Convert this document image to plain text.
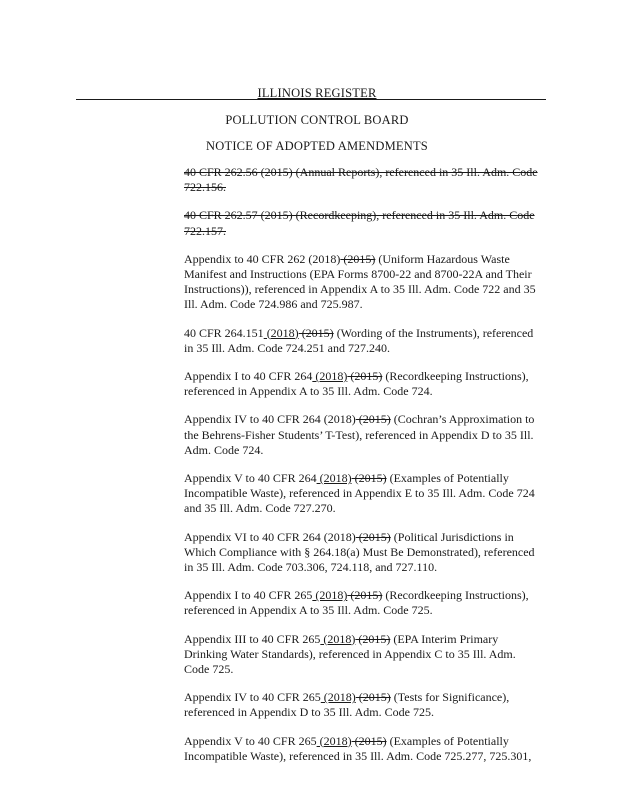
ILLINOIS REGISTER
POLLUTION CONTROL BOARD
NOTICE OF ADOPTED AMENDMENTS

40 CFR 262.56 (2015) (Annual Reports), referenced in 35 Ill. Adm. Code 722.156.

40 CFR 262.57 (2015) (Recordkeeping), referenced in 35 Ill. Adm. Code 722.157.

Appendix to 40 CFR 262 (2018) (2015) (Uniform Hazardous Waste Manifest and Instructions (EPA Forms 8700-22 and 8700-22A and Their Instructions)), referenced in Appendix A to 35 Ill. Adm. Code 722 and 35 Ill. Adm. Code 724.986 and 725.987.

40 CFR 264.151 (2018) (2015) (Wording of the Instruments), referenced in 35 Ill. Adm. Code 724.251 and 727.240.

Appendix I to 40 CFR 264 (2018) (2015) (Recordkeeping Instructions), referenced in Appendix A to 35 Ill. Adm. Code 724.

Appendix IV to 40 CFR 264 (2018) (2015) (Cochran’s Approximation to the Behrens-Fisher Students’ T-Test), referenced in Appendix D to 35 Ill. Adm. Code 724.

Appendix V to 40 CFR 264 (2018) (2015) (Examples of Potentially Incompatible Waste), referenced in Appendix E to 35 Ill. Adm. Code 724 and 35 Ill. Adm. Code 727.270.

Appendix VI to 40 CFR 264 (2018) (2015) (Political Jurisdictions in Which Compliance with § 264.18(a) Must Be Demonstrated), referenced in 35 Ill. Adm. Code 703.306, 724.118, and 727.110.

Appendix I to 40 CFR 265 (2018) (2015) (Recordkeeping Instructions), referenced in Appendix A to 35 Ill. Adm. Code 725.

Appendix III to 40 CFR 265 (2018) (2015) (EPA Interim Primary Drinking Water Standards), referenced in Appendix C to 35 Ill. Adm. Code 725.

Appendix IV to 40 CFR 265 (2018) (2015) (Tests for Significance), referenced in Appendix D to 35 Ill. Adm. Code 725.

Appendix V to 40 CFR 265 (2018) (2015) (Examples of Potentially Incompatible Waste), referenced in 35 Ill. Adm. Code 725.277, 725.301,
